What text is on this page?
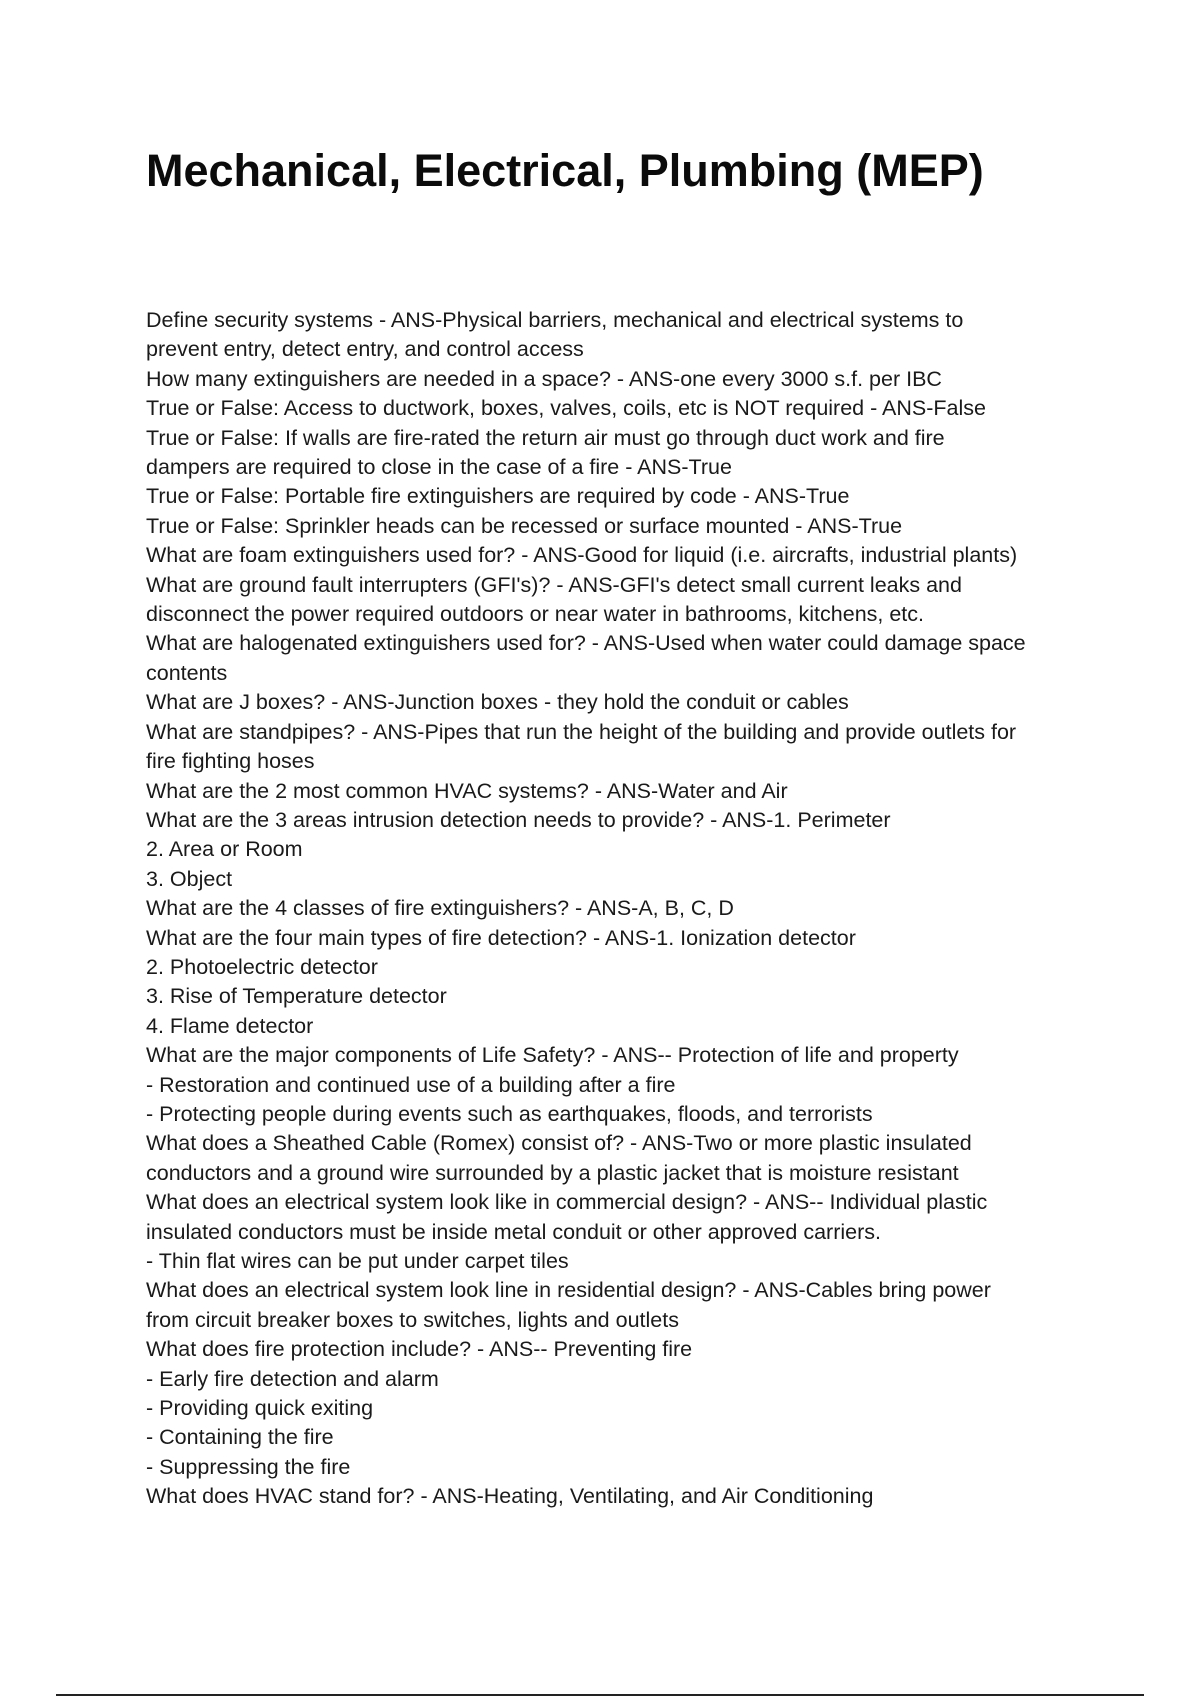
Mechanical, Electrical, Plumbing (MEP)
Define security systems - ANS-Physical barriers, mechanical and electrical systems to
prevent entry, detect entry, and control access
How many extinguishers are needed in a space? - ANS-one every 3000 s.f. per IBC
True or False: Access to ductwork, boxes, valves, coils, etc is NOT required - ANS-False
True or False: If walls are fire-rated the return air must go through duct work and fire
dampers are required to close in the case of a fire - ANS-True
True or False: Portable fire extinguishers are required by code - ANS-True
True or False: Sprinkler heads can be recessed or surface mounted - ANS-True
What are foam extinguishers used for? - ANS-Good for liquid (i.e. aircrafts, industrial plants)
What are ground fault interrupters (GFI's)? - ANS-GFI's detect small current leaks and
disconnect the power required outdoors or near water in bathrooms, kitchens, etc.
What are halogenated extinguishers used for? - ANS-Used when water could damage space
contents
What are J boxes? - ANS-Junction boxes - they hold the conduit or cables
What are standpipes? - ANS-Pipes that run the height of the building and provide outlets for
fire fighting hoses
What are the 2 most common HVAC systems? - ANS-Water and Air
What are the 3 areas intrusion detection needs to provide? - ANS-1. Perimeter
2. Area or Room
3. Object
What are the 4 classes of fire extinguishers? - ANS-A, B, C, D
What are the four main types of fire detection? - ANS-1. Ionization detector
2. Photoelectric detector
3. Rise of Temperature detector
4. Flame detector
What are the major components of Life Safety? - ANS-- Protection of life and property
- Restoration and continued use of a building after a fire
- Protecting people during events such as earthquakes, floods, and terrorists
What does a Sheathed Cable (Romex) consist of? - ANS-Two or more plastic insulated
conductors and a ground wire surrounded by a plastic jacket that is moisture resistant
What does an electrical system look like in commercial design? - ANS-- Individual plastic
insulated conductors must be inside metal conduit or other approved carriers.
- Thin flat wires can be put under carpet tiles
What does an electrical system look line in residential design? - ANS-Cables bring power
from circuit breaker boxes to switches, lights and outlets
What does fire protection include? - ANS-- Preventing fire
- Early fire detection and alarm
- Providing quick exiting
- Containing the fire
- Suppressing the fire
What does HVAC stand for? - ANS-Heating, Ventilating, and Air Conditioning
